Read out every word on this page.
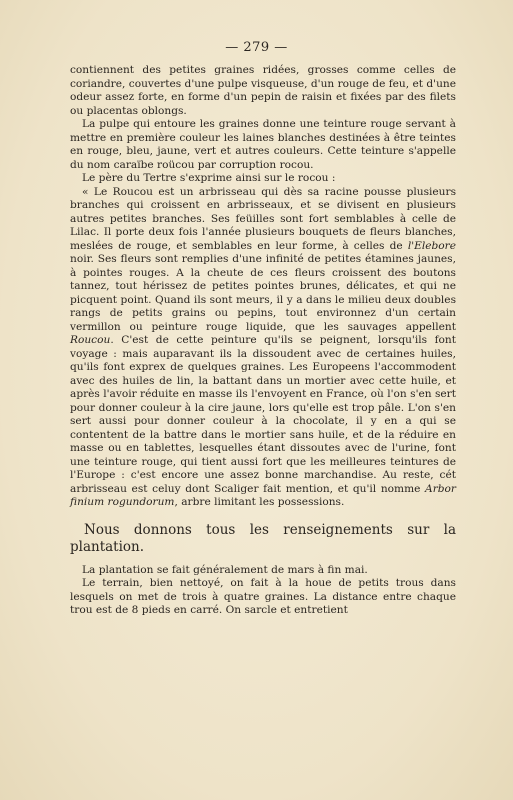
— 279 —

contiennent des petites graines ridées, grosses comme celles de coriandre, couvertes d'une pulpe visqueuse, d'un rouge de feu, et d'une odeur assez forte, en forme d'un pepin de raisin et fixées par des filets ou placentas oblongs.

La pulpe qui entoure les graines donne une teinture rouge servant à mettre en première couleur les laines blanches destinées à être teintes en rouge, bleu, jaune, vert et autres couleurs. Cette teinture s'appelle du nom caraïbe roücou par corruption rocou.

Le père du Tertre s'exprime ainsi sur le rocou :

« Le Roucou est un arbrisseau qui dès sa racine pousse plusieurs branches qui croissent en arbrisseaux, et se divisent en plusieurs autres petites branches. Ses feüilles sont fort semblables à celle de Lilac. Il porte deux fois l'année plusieurs bouquets de fleurs blanches, meslées de rouge, et semblables en leur forme, à celles de l'Elebore noir. Ses fleurs sont remplies d'une infinité de petites étamines jaunes, à pointes rouges. A la cheute de ces fleurs croissent des boutons tannez, tout hérissez de petites pointes brunes, délicates, et qui ne picquent point. Quand ils sont meurs, il y a dans le milieu deux doubles rangs de petits grains ou pepins, tout environnez d'un certain vermillon ou peinture rouge liquide, que les sauvages appellent Roucou. C'est de cette peinture qu'ils se peignent, lorsqu'ils font voyage : mais auparavant ils la dissoudent avec de certaines huiles, qu'ils font exprex de quelques graines. Les Europeens l'accommodent avec des huiles de lin, la battant dans un mortier avec cette huile, et après l'avoir réduite en masse ils l'envoyent en France, où l'on s'en sert pour donner couleur à la cire jaune, lors qu'elle est trop pâle. L'on s'en sert aussi pour donner couleur à la chocolate, il y en a qui se contentent de la battre dans le mortier sans huile, et de la réduire en masse ou en tablettes, lesquelles étant dissoutes avec de l'urine, font une teinture rouge, qui tient aussi fort que les meilleures teintures de l'Europe : c'est encore une assez bonne marchandise. Au reste, cét arbrisseau est celuy dont Scaliger fait mention, et qu'il nomme Arbor finium rogundorum, arbre limitant les possessions.

Nous donnons tous les renseignements sur la plantation.

La plantation se fait généralement de mars à fin mai.

Le terrain, bien nettoyé, on fait à la houe de petits trous dans lesquels on met de trois à quatre graines. La distance entre chaque trou est de 8 pieds en carré. On sarcle et entretient
